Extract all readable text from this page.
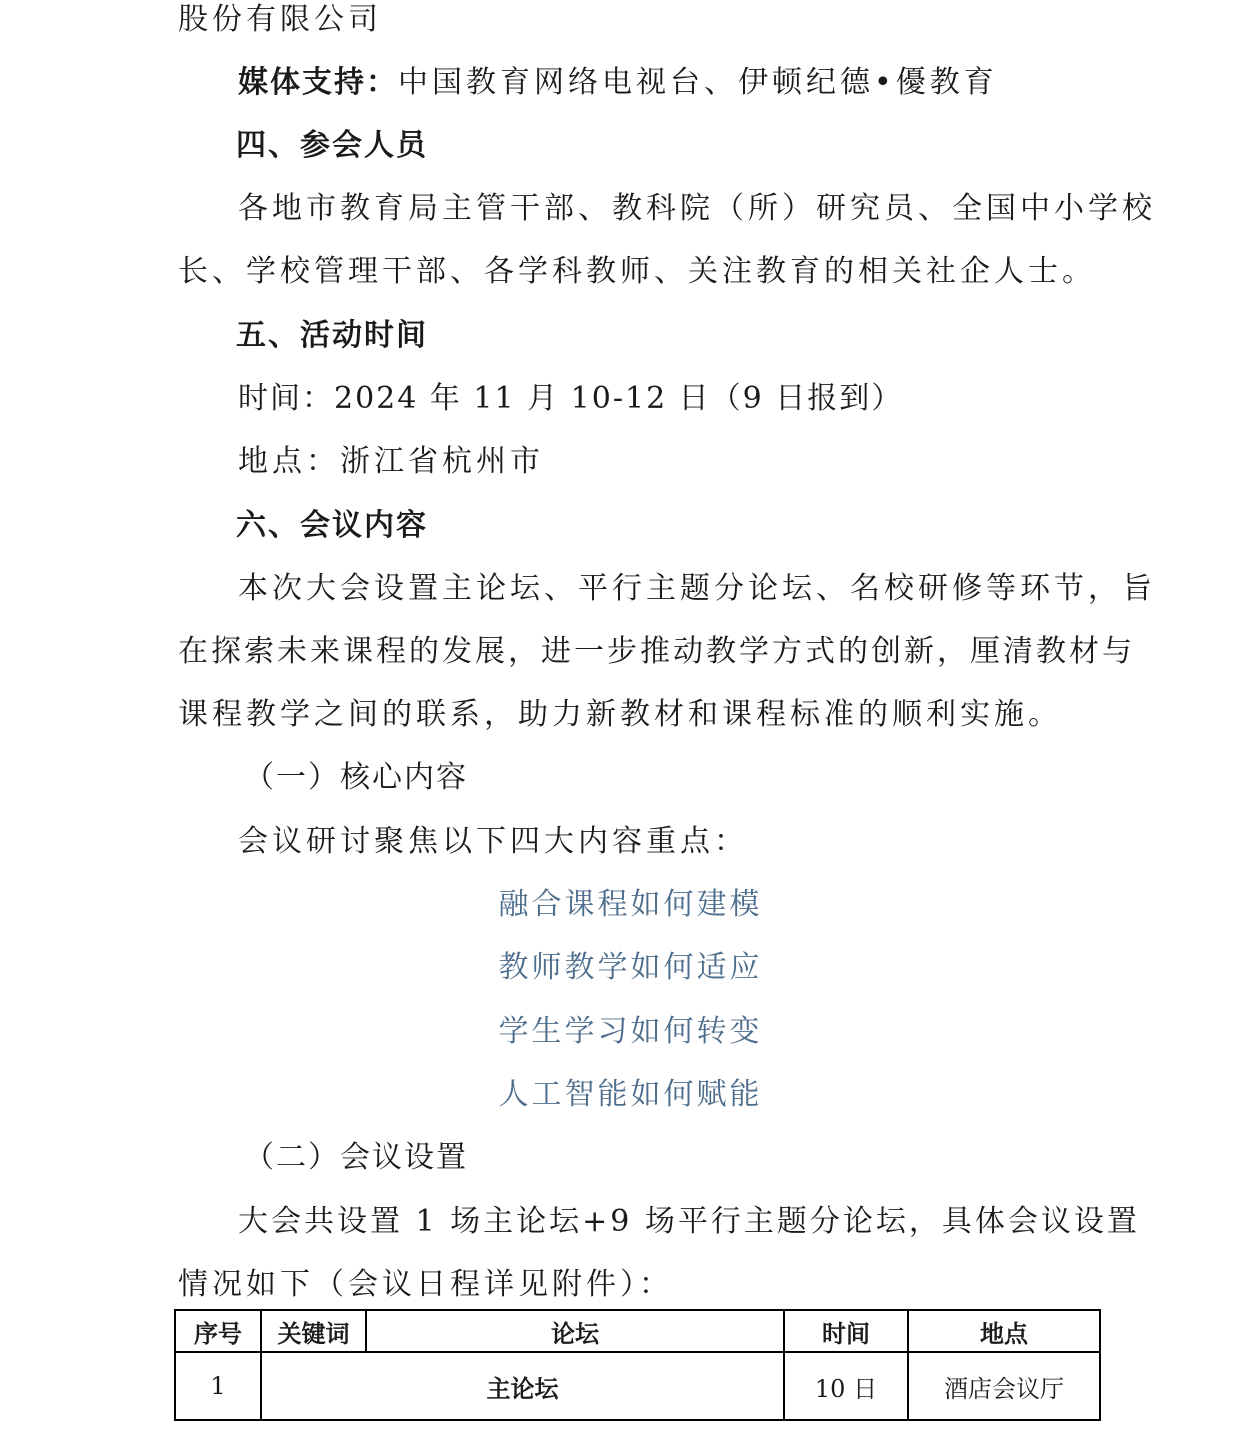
股份有限公司
媒体支持：中国教育网络电视台、伊顿纪德•優教育
四、参会人员
各地市教育局主管干部、教科院（所）研究员、全国中小学校
长、学校管理干部、各学科教师、关注教育的相关社企人士。
五、活动时间
时间：2024 年 11 月 10-12 日（9 日报到）
地点：浙江省杭州市
六、会议内容
本次大会设置主论坛、平行主题分论坛、名校研修等环节，旨
在探索未来课程的发展，进一步推动教学方式的创新，厘清教材与
课程教学之间的联系，助力新教材和课程标准的顺利实施。
（一）核心内容
会议研讨聚焦以下四大内容重点：
融合课程如何建模
教师教学如何适应
学生学习如何转变
人工智能如何赋能
（二）会议设置
大会共设置 1 场主论坛+9 场平行主题分论坛，具体会议设置
情况如下（会议日程详见附件）：
序号	关键词	论坛	时间	地点
1	主论坛		10 日	酒店会议厅
